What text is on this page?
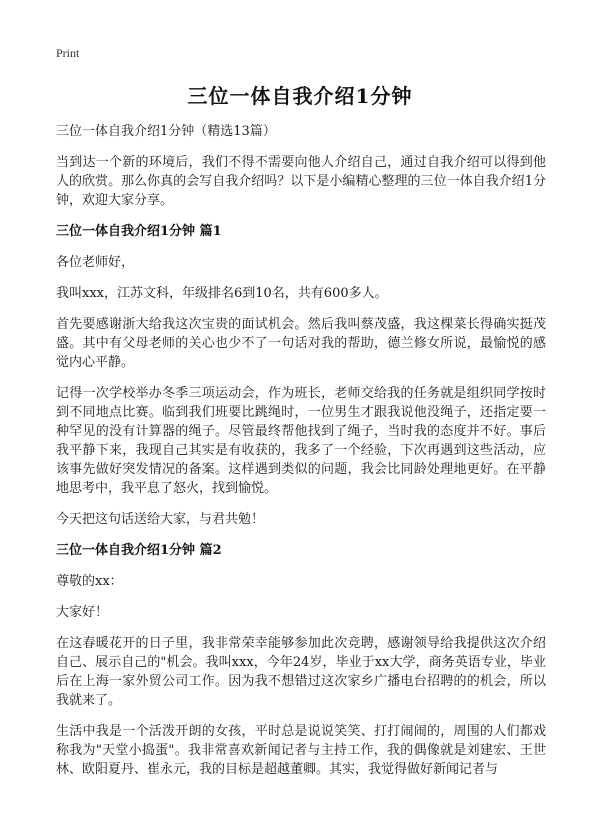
Print
三位一体自我介绍1分钟

三位一体自我介绍1分钟（精选13篇）

当到达一个新的环境后，我们不得不需要向他人介绍自己，通过自我介绍可以得到他人的欣赏。那么你真的会写自我介绍吗？以下是小编精心整理的三位一体自我介绍1分钟，欢迎大家分享。

三位一体自我介绍1分钟 篇1

各位老师好，

我叫xxx，江苏文科，年级排名6到10名，共有600多人。

首先要感谢浙大给我这次宝贵的面试机会。然后我叫蔡茂盛，我这棵菜长得确实挺茂盛。其中有父母老师的关心也少不了一句话对我的帮助，德兰修女所说，最愉悦的感觉内心平静。

记得一次学校举办冬季三项运动会，作为班长，老师交给我的任务就是组织同学按时到不同地点比赛。临到我们班要比跳绳时，一位男生才跟我说他没绳子，还指定要一种罕见的没有计算器的绳子。尽管最终帮他找到了绳子，当时我的态度并不好。事后我平静下来，我现自己其实是有收获的，我多了一个经验，下次再遇到这些活动，应该事先做好突发情况的备案。这样遇到类似的问题，我会比同龄处理地更好。在平静地思考中，我平息了怒火，找到愉悦。

今天把这句话送给大家，与君共勉！

三位一体自我介绍1分钟 篇2

尊敬的xx：

大家好！

在这春暖花开的日子里，我非常荣幸能够参加此次竞聘，感谢领导给我提供这次介绍自己、展示自己的"机会。我叫xxx，今年24岁，毕业于xx大学，商务英语专业，毕业后在上海一家外贸公司工作。因为我不想错过这次家乡广播电台招聘的的机会，所以我就来了。

生活中我是一个活泼开朗的女孩，平时总是说说笑笑、打打闹闹的，周围的人们都戏称我为"天堂小捣蛋"。我非常喜欢新闻记者与主持工作，我的偶像就是刘建宏、王世林、欧阳夏丹、崔永元，我的目标是超越董卿。其实，我觉得做好新闻记者与
